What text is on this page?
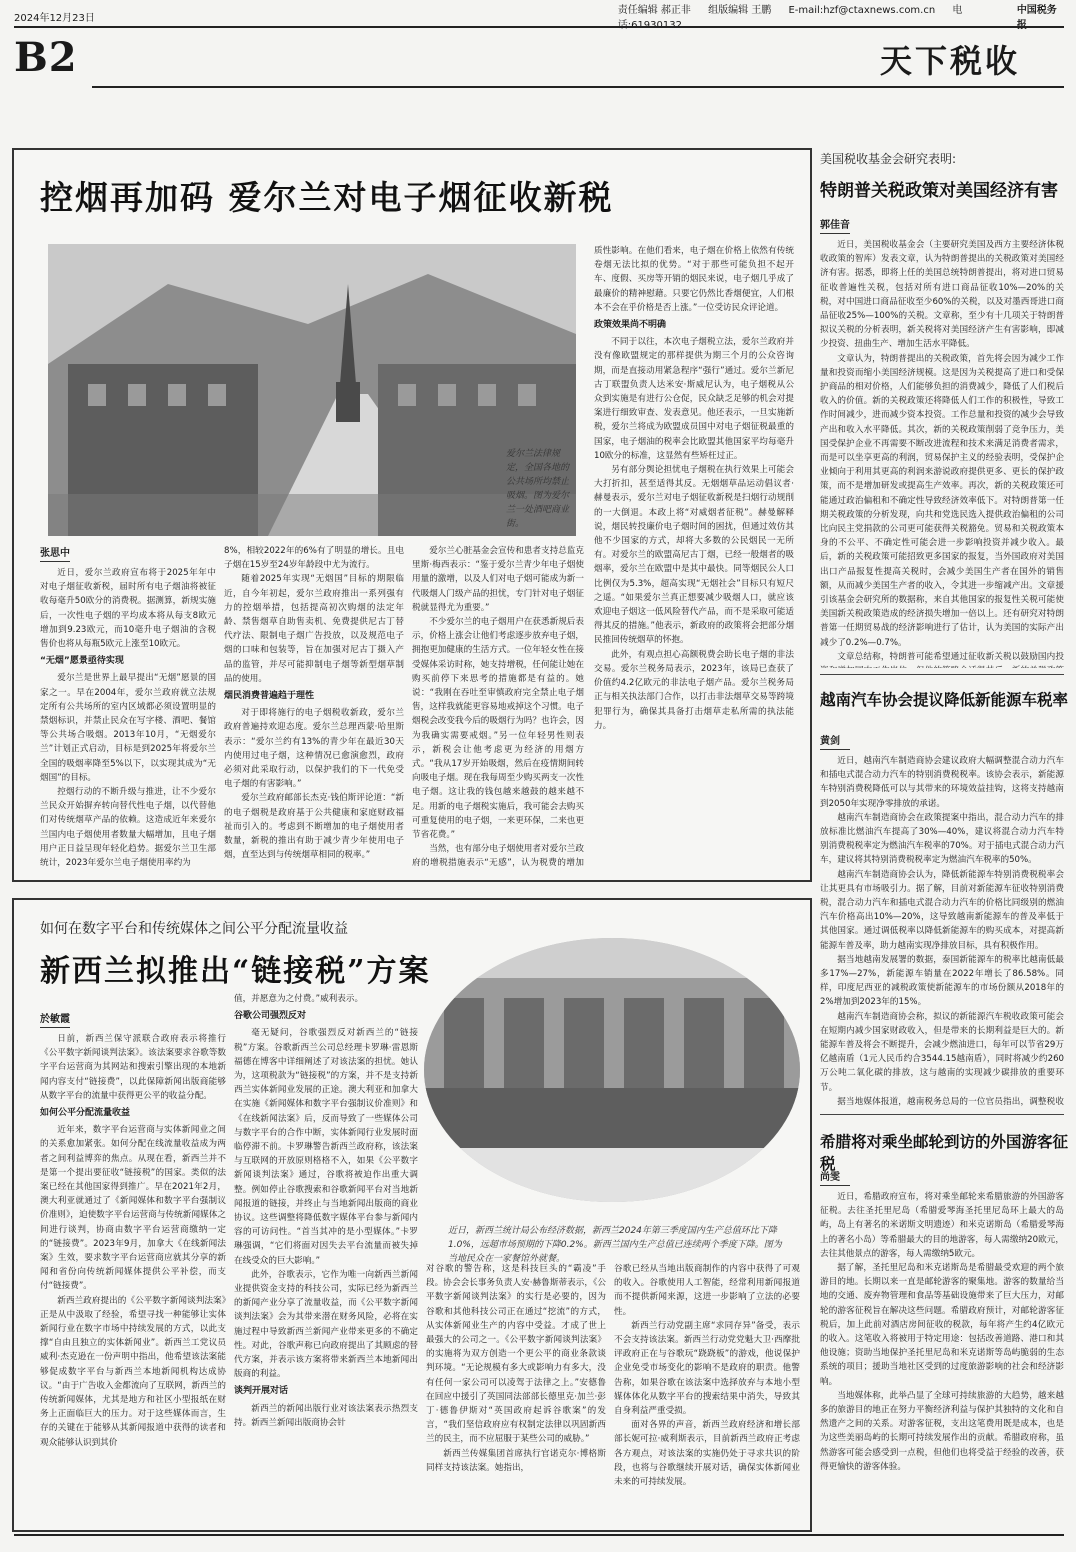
2024年12月23日
责任编辑 郝正非 组版编辑 王鹏 E-mail:hzf@ctaxnews.com.cn 电	中国税务
B2	天下税收
控烟再加码 爱尔兰对电子烟征收新税
爱尔兰法律规定，全国各地的公共场所均禁止吸烟。图为爱尔兰一处酒吧商业街。
张思中

近日，爱尔兰政府宣布将于2025年年中对电子烟征收新税，届时所有电子烟油将被征收每毫升50欧分的消费税。据测算，新规实施后，一次性电子烟的平均成本将从每支8欧元增加到9.23欧元，而10毫升电子烟油的含税售价也将从每瓶5欧元上涨至10欧元。

“无烟”愿景亟待实现

爱尔兰是世界上最早提出“无烟”愿景的国家之一。早在2004年，爱尔兰政府就立法规定所有公共场所的室内区域都必须设置明显的禁烟标识，并禁止民众在写字楼、酒吧、餐馆等公共场合吸烟。2013年10月，“无烟爱尔兰”计划正式启动，目标是到2025年将爱尔兰全国的吸烟率降至5%以下，以实现其成为“无烟国”的目标。

控烟行动的不断升级与推进，让不少爱尔兰民众开始摒弃转向替代性电子烟，以代替他们对传统烟草产品的依赖。这造成近年来爱尔兰国内电子烟使用者数量大幅增加，且电子烟用户正日益呈现年轻化趋势。据爱尔兰卫生部统计，2023年爱尔兰电子烟使用率约为

8%，相较2022年的6%有了明显的增长。且电子烟在15岁至24岁年龄段中尤为流行。

随着2025年实现“无烟国”目标的期限临近，自今年初起，爱尔兰政府推出一系列强有力的控烟举措，包括提高初次购烟的法定年龄、禁售烟草自助售卖机、免费提供尼古丁替代疗法、限制电子烟广告投放，以及规范电子烟的口味和包装等，旨在加强对尼古丁摄入产品的监管，并尽可能抑制电子烟等新型烟草制品的使用。

烟民消费普遍趋于理性

对于即将施行的电子烟税收新政，爱尔兰政府普遍持欢迎态度。爱尔兰总理西蒙·哈里斯表示：“爱尔兰约有13%的青少年在最近30天内使用过电子烟，这种情况已愈演愈烈，政府必须对此采取行动，以保护我们的下一代免受电子烟的有害影响。”

爱尔兰政府邮部长杰克·钱伯斯评论道：“新的电子烟税是政府基于公共健康和家庭财政福祉而引入的。考虑到不断增加的电子烟使用者数量，新税的推出有助于减少青少年使用电子烟，直至达到与传统烟草相同的税率。”

爱尔兰心脏基金会宣传和患者支持总监克里斯·梅西表示：“鉴于爱尔兰青少年电子烟使用量的激增，以及人们对电子烟可能成为新一代吸烟人门级产品的担忧，专门针对电子烟征税就显得尤为重要。”

不少爱尔兰的电子烟用户在获悉新规后表示，价格上涨会让他们考虑逐步放弃电子烟，拥抱更加健康的生活方式。一位年轻女性在接受媒体采访时称，她支持增税，任何能让她在购买前停下来思考的措施都是有益的。她说：“我刚在吞吐至审慎政府完全禁止电子烟售，这样我就能更容易地戒掉这个习惯。电子烟税会改变我今后的吸烟行为吗？也许会，因为我确实需要戒烟。”另一位年轻男性则表示，新税会让他考虑更为经济的用烟方式。“我从17岁开始吸烟，然后在疫情期间转向吸电子烟。现在我每周至少购买两支一次性电子烟。这让我的钱包越来越鼓的越来越不足。用新的电子烟税实施后，我可能会去购买可重复使用的电子烟，一来更环保，二来也更节省花费。”

当然，也有部分电子烟使用者对爱尔兰政府的增税措施表示“无感”，认为税费的增加

质性影响。在他们看来，电子烟在价格上依然有传统卷烟无法比拟的优势。“对于那些可能负担不起开车、度假、买房等开销的烟民来说，电子烟几乎成了最廉价的精神慰藉。只要它仍然比香烟便宜，人们根本不会在乎价格是否上涨。”一位受访民众评论道。

政策效果尚不明确

不同于以往，本次电子烟税立法，爱尔兰政府并没有像欧盟规定的那样提供为期三个月的公众咨询期，而是直接动用紧急程序“强行”通过。爱尔兰新尼古丁联盟负责人达米安·斯威尼认为，电子烟税从公众到实施是有进行公仓促，民众缺乏足够的机会对提案进行细致审查、发表意见。他还表示，一旦实施新税，爱尔兰将成为欧盟成员国中对电子烟征税最重的国家，电子烟油的税率会比欧盟其他国家平均每毫升10欧分的标准，这显然有些矫枉过正。

另有部分舆论担忧电子烟税在执行效果上可能会大打折扣，甚至适得其反。无烟烟草品运动倡议者·赫曼表示，爱尔兰对电子烟征收新税是扫烟行动规削的一大倒退。本政上将“对威烟者征税”。赫曼解释说，烟民转投廉价电子烟时间的困扰，但通过效仿其他不少国家的方式，却将大多数的公民烟民一无所有。对爱尔兰的欧盟高尼古丁烟，已经一般烟者的吸烟率，爱尔兰在欧盟中是其中最快。同等烟民公人口比例仅为5.3%，超高实现“无烟社会”目标只有短尺之遥。“如果爱尔兰真正想要减少吸烟人口，就应该欢迎电子烟这一低风险替代产品，而不是采取可能适得其反的措施。”他表示，新政府的政策将会把部分烟民推回传统烟草的怀抱。

此外，有观点担心高额税费会助长电子烟的非法交易。爱尔兰税务局表示，2023年，该局已查获了价值约4.2亿欧元的非法电子烟产品。爱尔兰税务局正与相关执法部门合作，以打击非法烟草交易等跨境犯罪行为，确保其具备打击烟草走私所需的执法能力。

如何在数字平台和传统媒体之间公平分配流量收益
新西兰拟推出“链接税”方案
近日，新西兰统计局公布经济数据，新西兰2024年第三季度国内生产总值环比下降1.0%，远超市场预期的下降0.2%。新西兰国内生产总值已连续两个季度下降。图为当地民众在一家餐馆外就餐。
於敏霞

日前，新西兰保守派联合政府表示将推行《公平数字新闻谈判法案》。该法案要求谷歌等数字平台运营商为其网站和搜索引擎出现的本地新闻内容支付“链接费”，以此保障新闻出版商能够从数字平台的流量中获得更公平的收益分配。

如何公平分配流量收益

近年来，数字平台运营商与实体新闻业之间的关系愈加紧张。如何分配在线流量收益成为两者之间利益博弈的焦点。从现在看，新西兰并不是第一个提出要征收“链接税”的国家。类似的法案已经在其他国家得到推广。早在2021年2月，澳大利亚就通过了《新闻媒体和数字平台强制议价准则》，迫使数字平台运营商与传统新闻媒体之间进行谈判，协商由数字平台运营商缴纳一定的“链接费”。2023年9月，加拿大《在线新闻法案》生效，要求数字平台运营商应就其分享的新闻和省份向传统新闻媒体提供公平补偿，而支付“链接费”。

新西兰政府提出的《公平数字新闻谈判法案》正是从中汲取了经验，希望寻找一种能够让实体新闻行业在数字市场中持续发展的方式，以此支撑“自由且独立的实体新闻业”。新西兰工党议员威利·杰克逊在一份声明中指出，他希望该法案能够促成数字平台与新西兰本地新闻机构达成协议。“由于广告收入金都流向了互联网，新西兰的传统新闻媒体，尤其是地方和社区小型报纸在财务上正面临巨大的压力。对于这些媒体而言，生存的关键在于能够从其新闻报道中获得的读者和观众能够认识到其价

值，并愿意为之付费。”威利表示。

谷歌公司强烈反对

毫无疑问，谷歌强烈反对新西兰的“链接税”方案。谷歌新西兰公司总经理卡罗琳·雷恩斯福德在博客中详细阐述了对该法案的担忧。她认为，这项税款为“链接税”的方案，并不是支持新西兰实体新闻业发展的正途。澳大利亚和加拿大在实施《新闻媒体和数字平台强制议价准则》和《在线新闻法案》后，反而导致了一些媒体公司与数字平台的合作中断，实体新闻行业发展时面临停滞不前。卡罗琳警告新西兰政府称，该法案与互联网的开放原则格格不入，如果《公平数字新闻谈判法案》通过，谷歌将被迫作出重大调整。例如停止谷歌搜索和谷歌新闻平台对当地新闻报道的链接，并终止与当地新闻出版商的商业协议。这些调整将降低数字媒体平台参与新闻内容的可访问性。“首当其冲的是小型媒体。”卡罗琳强调，“它们将面对因失去平台流量而被失掉在线受众的巨大影响。”

此外，谷歌表示，它作为唯一向新西兰新闻业提供资金支持的科技公司，实际已经为新西兰的新闻产业分享了流量收益，而《公平数字新闻谈判法案》会为其带来潜在财务风险，必将在实施过程中导致新西兰新闻产业带来更多的不确定性。对此，谷歌声称已向政府提出了其顾虑的替代方案，并表示该方案将带来新西兰本地新闻出版商的利益。

谈判开展对话

新西兰的新闻出版行业对该法案表示热烈支持。新西兰新闻出版商协会针

对谷歌的警告称，这是科技巨头的“霸凌”手段。协会会长事务负责人安·赫鲁斯蒂表示，《公平数字新闻谈判法案》的实行是必要的，因为谷歌和其他科技公司正在通过“挖流”的方式，从实体新闻业生产的内容中受益。才成了世上最强大的公司之一。《公平数字新闻谈判法案》的实施将为双方创造一个更公平的商业条款谈判环境。“无论规模有多大或影响力有多大，没有任何一家公司可以凌驾于法律之上。”安德鲁在回应中援引了英国同法部部长德里克·加兰·彭丁·德鲁伊斯对“英国政府起诉谷歌案”的发言，“我们坚信政府应有权制定法律以巩固新西兰的民主，而不应屈服于某些公司的威胁。”

新西兰传媒集团首席执行官诺克尔·博格斯同样支持该法案。她指出，

谷歌已经从当地出版商制作的内容中获得了可观的收入。谷歌使用人工智能，经常利用新闻报道而不提供新闻来源，这进一步影响了立法的必要性。

新西兰行动党副主席“求同存异”备受，表示不会支持该法案。新西兰行动党党魁大卫·西摩批评政府正在与谷歌玩“跷跷板”的游戏，他说保护企业免受市场变化的影响不是政府的职责。他警告称，如果谷歌在该法案中选择放弃与本地小型媒体体化从数字平台的搜索结果中消失，导致其自身利益严重受损。

面对各界的声音，新西兰政府经济和增长部部长妮可拉·威利斯表示，目前新西兰政府正考虑各方观点，对该法案的实施仍处于寻求共识的阶段，也将与谷歌继续开展对话，确保实体新闻业未来的可持续发展。

美国税收基金会研究表明:
特朗普关税政策对美国经济有害
郭佳音

近日，美国税收基金会（主要研究美国及西方主要经济体税收政策的智库）发表文章，认为特朗普提出的关税政策对美国经济有害。据悉，即将上任的美国总统特朗普提出，将对进口贸易征收普遍性关税，包括对所有进口商品征收10%—20%的关税，对中国进口商品征收至少60%的关税，以及对墨西哥进口商品征收25%—100%的关税。文章称，至少有十几项关于特朗普拟议关税的分析表明，新关税将对美国经济产生有害影响，即减少投资、扭曲生产、增加生活水平降低。

文章认为，特朗普提出的关税政策，首先将会因为减少工作量和投资而缩小美国经济规模。这是因为关税提高了进口和受保护商品的相对价格，人们能够负担的消费减少，降低了人们税后收入的价值。新的关税政策还将降低人们工作的积极性，导致工作时间减少，进而减少资本投资。工作总量和投资的减少会导致产出和收入水平降低。其次，新的关税政策削弱了竞争压力，美国受保护企业不再需要不断改进流程和技术来满足消费者需求，而是可以坐享更高的利润，贸易保护主义的经验表明，受保护企业倾向于利用其更高的利润来游说政府提供更多、更长的保护政策，而不是增加研发或提高生产效率。再次，新的关税政策还可能通过政治偏租和不确定性导致经济效率低下。对特朗普第一任期关税政策的分析发现，向共和党选民选入提供政治偏租的公司比向民主党捐款的公司更可能获得关税豁免。贸易和关税政策本身的不公平、不确定性可能会进一步影响投资并减少收入。最后，新的关税政策可能招致更多国家的报复，当外国政府对美国出口产品报复性提高关税时，会减少美国生产者在国外的销售额，从而减少美国生产者的收入，令其进一步缩减产出。文章援引该基金会研究所的数据称，来自其他国家的报复性关税可能使美国新关税政策造成的经济损失增加一倍以上。还有研究对特朗普第一任期贸易战的经济影响进行了估计，认为美国的实际产出减少了0.2%—0.7%。

文章总结称，特朗普可能希望通过征收新关税以鼓励国内投

越南汽车协会提议降低新能源车税率
黄剑

近日，越南汽车制造商协会建议政府大幅调整混合动力汽车和插电式混合动力汽车的特别消费税税率。该协会表示，新能源车特别消费税降低可以与其带来的环境效益挂钩，这将支持越南到2050年实现净零排放的承诺。

越南汽车制造商协会在政策提案中指出，混合动力汽车的排放标准比燃油汽车提高了30%—40%，建议将混合动力汽车特别消费税税率定为燃油汽车税率的70%。对于插电式混合动力汽车，建议将其特别消费税税率定为燃油汽车税率的50%。

越南汽车制造商协会认为，降低新能源车特别消费税税率会让其更具有市场吸引力。据了解，目前对新能源车征收特别消费税，混合动力汽车和插电式混合动力汽车的价格比同级别的燃油汽车价格高出10%—20%，这导致越南新能源车的普及率低于其他国家。通过调低税率以降低新能源车的购买成本，对提高新能源车普及率，助力越南实现净排放目标，具有积极作用。

据当地越南发展署的数据，泰国新能源车的税率比越南低最多17%—27%，新能源车销量在2022年增长了86.58%。同样，印度尼西亚的减税政策使新能源车的市场份额从2018年的2%增加到2023年的15%。

越南汽车制造商协会称，拟议的新能源汽车税收政策可能会在短期内减少国家财政收入，但是带来的长期利益是巨大的。新能源车普及将会不断提升，会减少燃油进口，每年可以节省29万亿越南盾（1元人民币约合3544.15越南盾），同时将减少约260万公吨二氧化碳的排放，这与越南的实现减少碳排放的重要环节。

据当地媒体报道，越南税务总局的一位官员指出，调整税收

希腊将对乘坐邮轮到访的外国游客征税
尚雯

近日，希腊政府宣布，将对乘坐邮轮来希腊旅游的外国游客征税。去往圣托里尼岛（希腊爱琴海圣托里尼岛环上最大的岛屿，岛上有著名的米诺斯文明遗迹）和米克诺斯岛（希腊爱琴海上的著名小岛）等希腊最大的目的地游客，每人需缴纳20欧元，去往其他景点的游客，每人需缴纳5欧元。

据了解，圣托里尼岛和米克诺斯岛是希腊最受欢迎的两个旅游目的地。长期以来一直是邮轮游客的聚集地。游客的数量给当地的交通、废弃物管理和食品等基础设施带来了巨大压力，对邮轮的游客征税旨在解决这些问题。希腊政府预计，对邮轮游客征税后，加上此前对酒店房间征收的税款，每年将产生约4亿欧元的收入。这笔收入将被用于特定用途：包括改善道路、港口和其他设施；资助当地保护圣托里尼岛和米克诺斯等岛屿脆弱的生态系统的项目；援助当地社区受到的过度旅游影响的社会和经济影响。

当地媒体称，此举凸显了全球可持续旅游的大趋势，越来越多的旅游目的地正在努力平衡经济利益与保护其独特的文化和自然遗产之间的关系。对游客征税，支出这笔费用既是成本，也是为这些美丽岛屿的长期可持续发展作出的贡献。希腊政府称，虽然游客可能会感受到一点税，但他们也将受益于经验的改善，获得更愉快的游客体验。
